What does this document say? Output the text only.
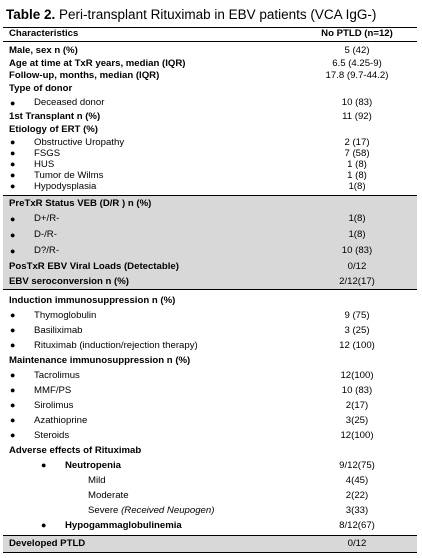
Table 2. Peri-transplant Rituximab in EBV patients (VCA IgG-)
Characteristics	No PTLD (n=12)
Male, sex n (%)	5 (42)
Age at time at TxR years, median (IQR)	6.5 (4.25-9)
Follow-up, months, median (IQR)	17.8 (9.7-44.2)
Type of donor
● Deceased donor	10 (83)
1st Transplant n (%)	11 (92)
Etiology of ERT (%)
● Obstructive Uropathy	2 (17)
● FSGS	7 (58)
● HUS	1 (8)
● Tumor de Wilms	1 (8)
● Hypodysplasia	1(8)
PreTxR Status VEB (D/R ) n (%)
● D+/R-	1(8)
● D-/R-	1(8)
● D?/R-	10 (83)
PosTxR EBV Viral Loads (Detectable)	0/12
EBV seroconversion n (%)	2/12(17)
Induction immunosuppression n (%)
● Thymoglobulin	9 (75)
● Basiliximab	3 (25)
● Rituximab (induction/rejection therapy)	12 (100)
Maintenance immunosuppression n (%)
● Tacrolimus	12(100)
● MMF/PS	10 (83)
● Sirolimus	2(17)
● Azathioprine	3(25)
● Steroids	12(100)
Adverse effects of Rituximab
● Neutropenia	9/12(75)
Mild	4(45)
Moderate	2(22)
Severe (Received Neupogen)	3(33)
● Hypogammaglobulinemia	8/12(67)
Developed PTLD	0/12
